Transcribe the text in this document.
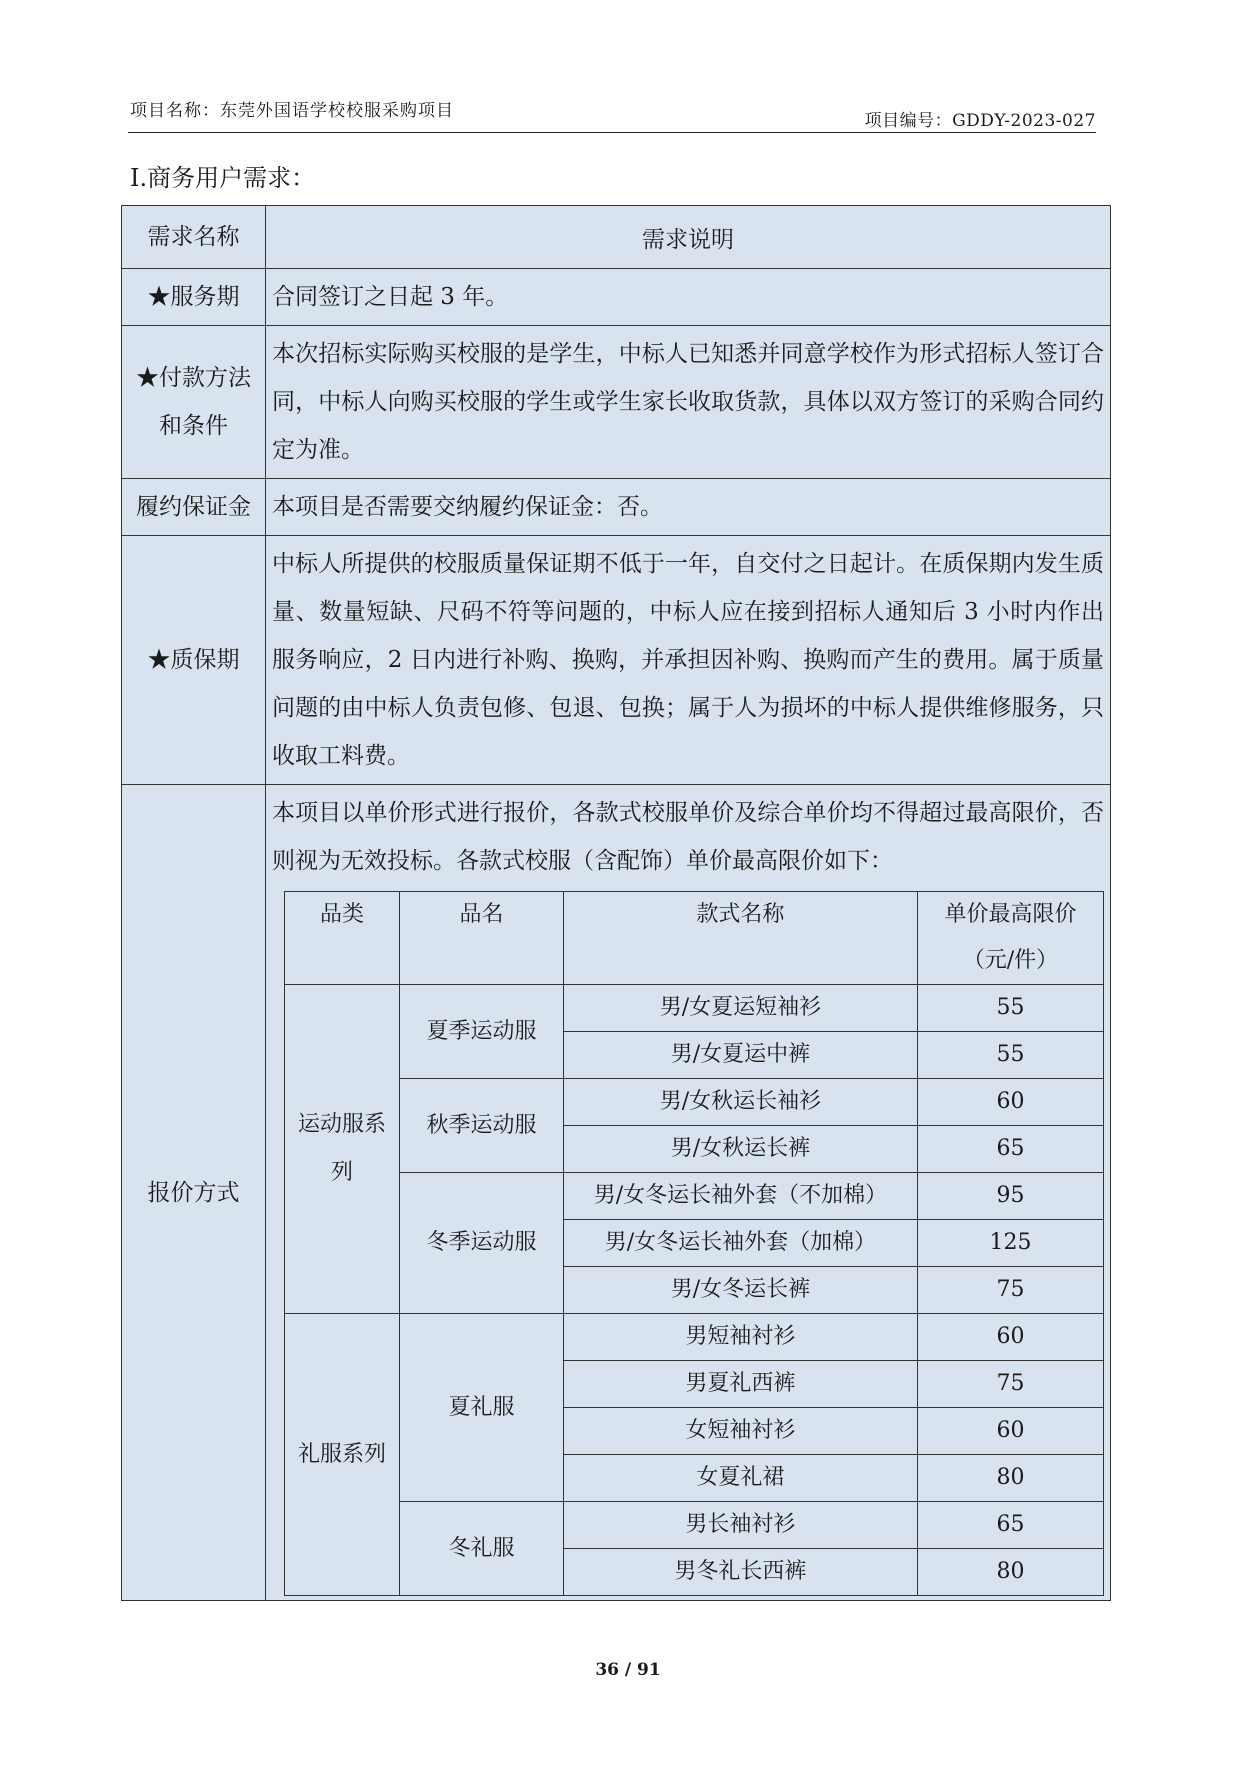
项目名称：东莞外国语学校校服采购项目	项目编号：GDDY-2023-027
Ⅰ.商务用户需求：
需求名称	需求说明
★服务期	合同签订之日起 3 年。
★付款方法和条件	本次招标实际购买校服的是学生，中标人已知悉并同意学校作为形式招标人签订合同，中标人向购买校服的学生或学生家长收取货款，具体以双方签订的采购合同约定为准。
履约保证金	本项目是否需要交纳履约保证金：否。
★质保期	中标人所提供的校服质量保证期不低于一年，自交付之日起计。在质保期内发生质量、数量短缺、尺码不符等问题的，中标人应在接到招标人通知后 3 小时内作出服务响应，2 日内进行补购、换购，并承担因补购、换购而产生的费用。属于质量问题的由中标人负责包修、包退、包换；属于人为损坏的中标人提供维修服务，只收取工料费。
报价方式	
本项目以单价形式进行报价，各款式校服单价及综合单价均不得超过最高限价，否则视为无效投标。各款式校服（含配饰）单价最高限价如下：
品类	品名	款式名称	单价最高限价（元/件）
运动服系列	夏季运动服	男/女夏运短袖衫	55
男/女夏运中裤	55
秋季运动服	男/女秋运长袖衫	60
男/女秋运长裤	65
冬季运动服	男/女冬运长袖外套（不加棉）	95
男/女冬运长袖外套（加棉）	125
男/女冬运长裤	75
礼服系列	夏礼服	男短袖衬衫	60
男夏礼西裤	75
女短袖衬衫	60
女夏礼裙	80
冬礼服	男长袖衬衫	65
男冬礼长西裤	80
36 / 91
